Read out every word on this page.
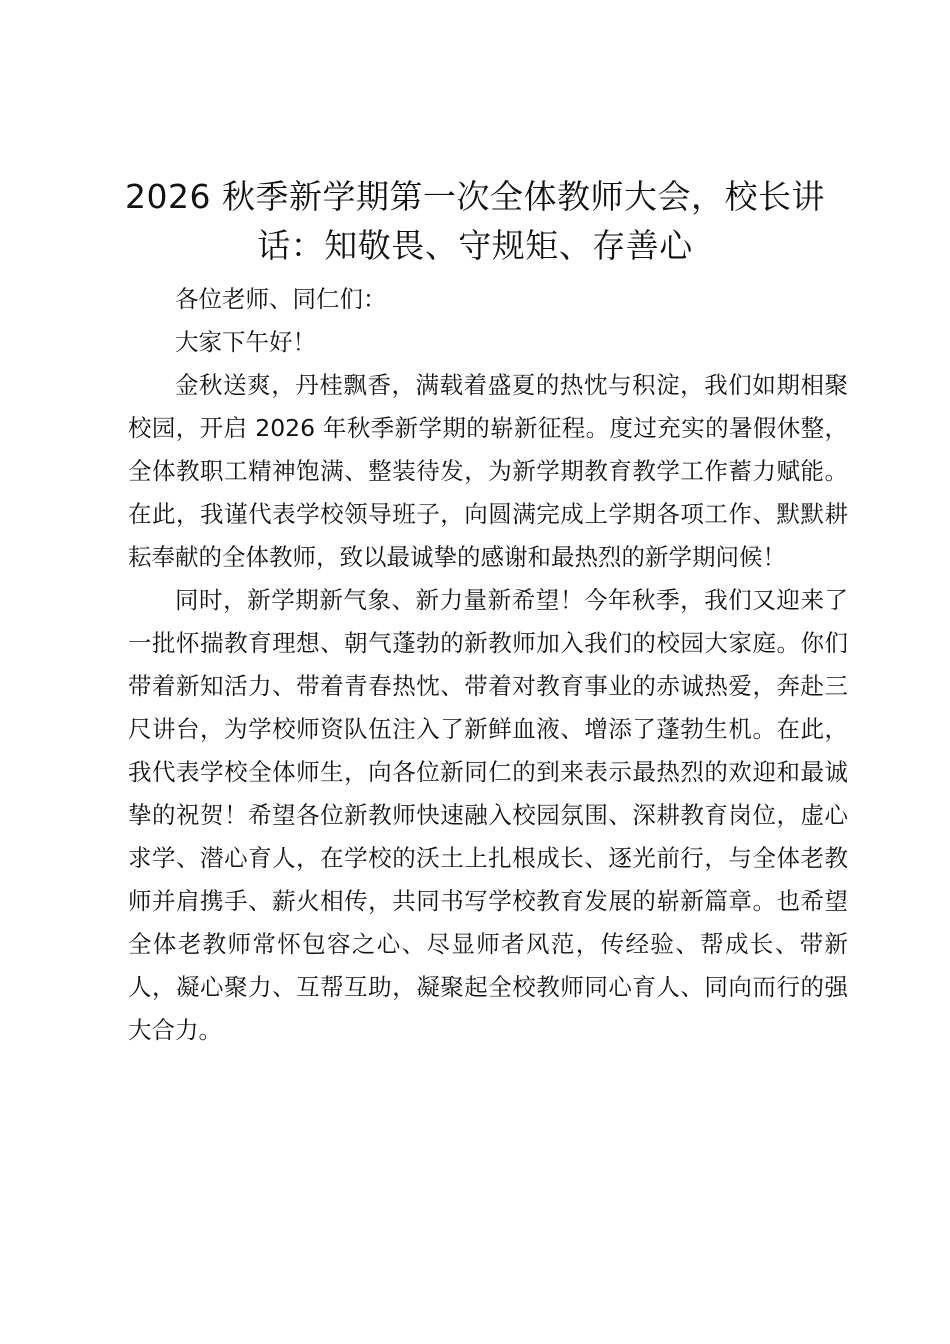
2026 秋季新学期第一次全体教师大会，校长讲话：知敬畏、守规矩、存善心

各位老师、同仁们：

大家下午好！

金秋送爽，丹桂飘香，满载着盛夏的热忱与积淀，我们如期相聚校园，开启 2026 年秋季新学期的崭新征程。度过充实的暑假休整，全体教职工精神饱满、整装待发，为新学期教育教学工作蓄力赋能。在此，我谨代表学校领导班子，向圆满完成上学期各项工作、默默耕耘奉献的全体教师，致以最诚挚的感谢和最热烈的新学期问候！

同时，新学期新气象、新力量新希望！今年秋季，我们又迎来了一批怀揣教育理想、朝气蓬勃的新教师加入我们的校园大家庭。你们带着新知活力、带着青春热忱、带着对教育事业的赤诚热爱，奔赴三尺讲台，为学校师资队伍注入了新鲜血液、增添了蓬勃生机。在此，我代表学校全体师生，向各位新同仁的到来表示最热烈的欢迎和最诚挚的祝贺！希望各位新教师快速融入校园氛围、深耕教育岗位，虚心求学、潜心育人，在学校的沃土上扎根成长、逐光前行，与全体老教师并肩携手、薪火相传，共同书写学校教育发展的崭新篇章。也希望全体老教师常怀包容之心、尽显师者风范，传经验、帮成长、带新人，凝心聚力、互帮互助，凝聚起全校教师同心育人、同向而行的强大合力。
